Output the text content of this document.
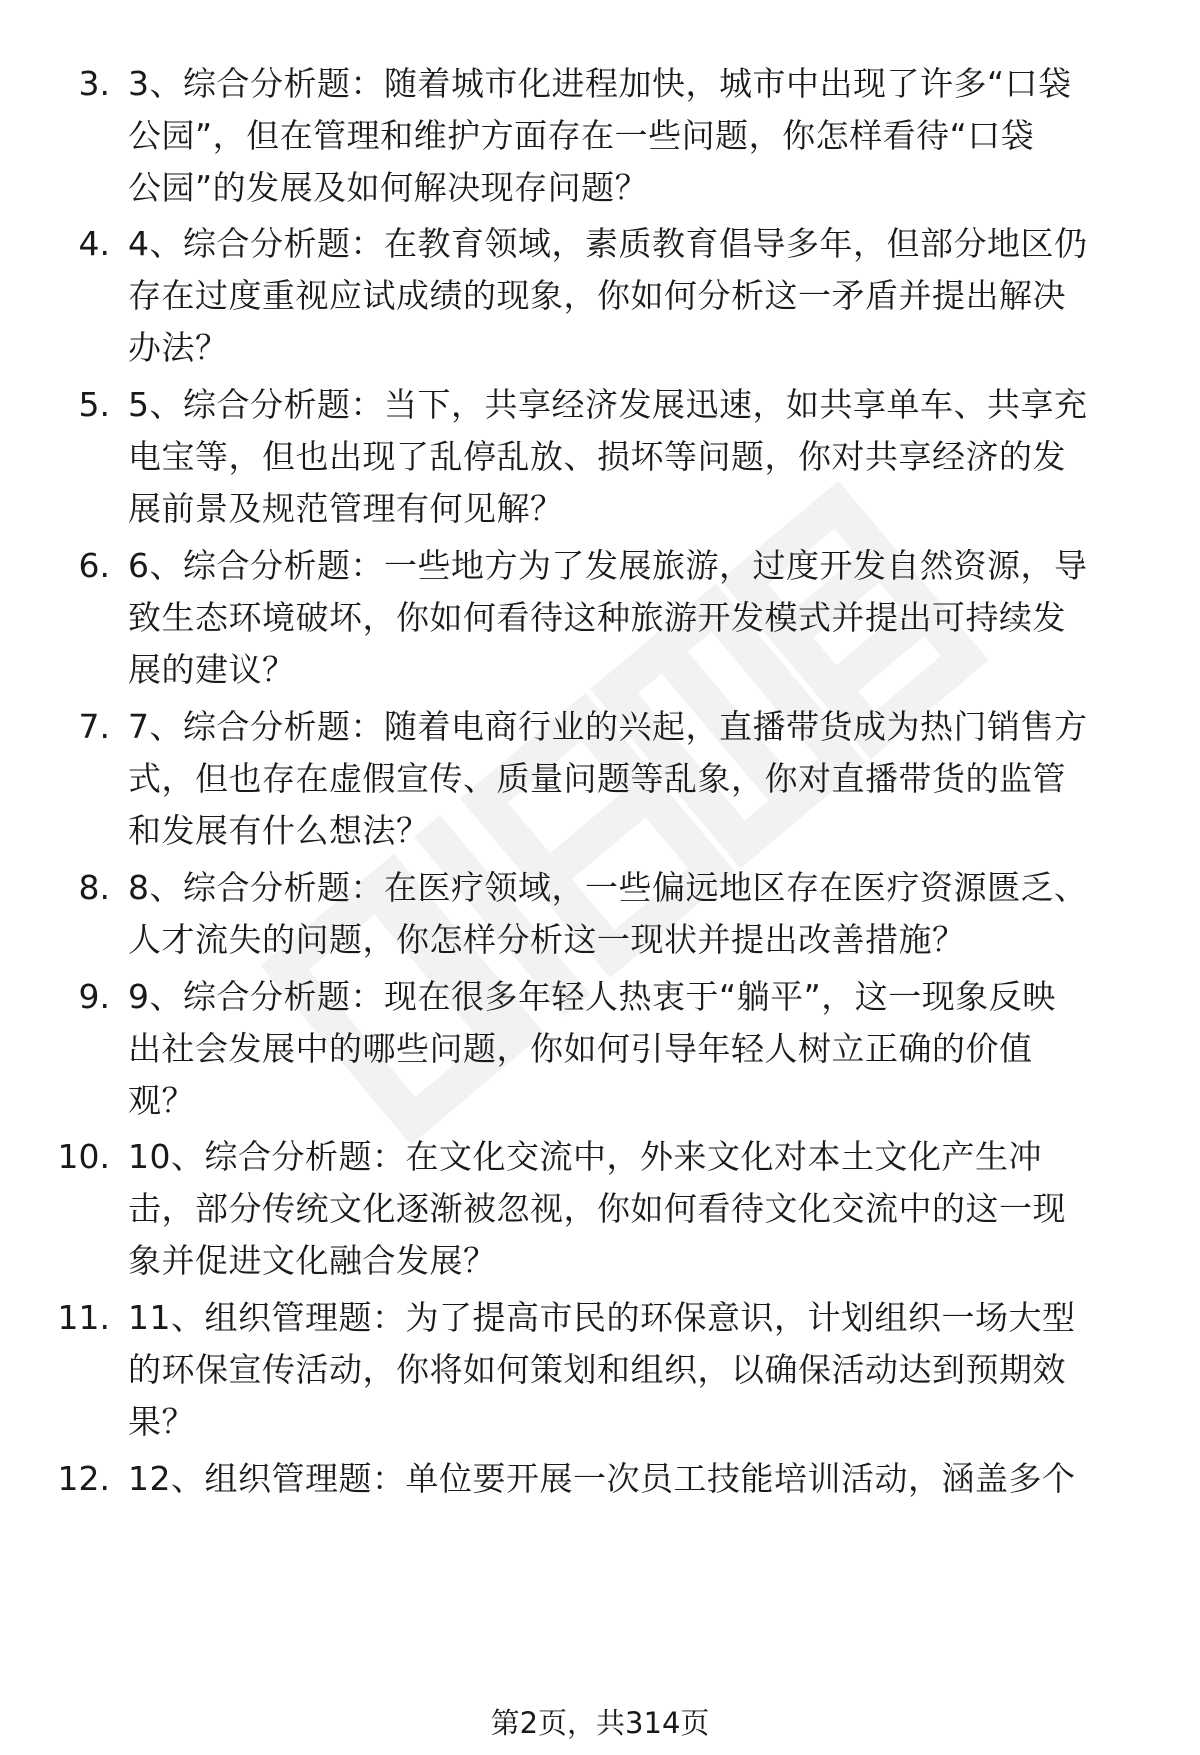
3. 3、综合分析题：随着城市化进程加快，城市中出现了许多“口袋
公园”，但在管理和维护方面存在一些问题，你怎样看待“口袋
公园”的发展及如何解决现存问题？
4. 4、综合分析题：在教育领域，素质教育倡导多年，但部分地区仍
存在过度重视应试成绩的现象，你如何分析这一矛盾并提出解决
办法？
5. 5、综合分析题：当下，共享经济发展迅速，如共享单车、共享充
电宝等，但也出现了乱停乱放、损坏等问题，你对共享经济的发
展前景及规范管理有何见解？
6. 6、综合分析题：一些地方为了发展旅游，过度开发自然资源，导
致生态环境破坏，你如何看待这种旅游开发模式并提出可持续发
展的建议？
7. 7、综合分析题：随着电商行业的兴起，直播带货成为热门销售方
式，但也存在虚假宣传、质量问题等乱象，你对直播带货的监管
和发展有什么想法？
8. 8、综合分析题：在医疗领域，一些偏远地区存在医疗资源匮乏、
人才流失的问题，你怎样分析这一现状并提出改善措施？
9. 9、综合分析题：现在很多年轻人热衷于“躺平”，这一现象反映
出社会发展中的哪些问题，你如何引导年轻人树立正确的价值
观？
10. 10、综合分析题：在文化交流中，外来文化对本土文化产生冲
击，部分传统文化逐渐被忽视，你如何看待文化交流中的这一现
象并促进文化融合发展？
11. 11、组织管理题：为了提高市民的环保意识，计划组织一场大型
的环保宣传活动，你将如何策划和组织，以确保活动达到预期效
果？
12. 12、组织管理题：单位要开展一次员工技能培训活动，涵盖多个
第2页，共314页
